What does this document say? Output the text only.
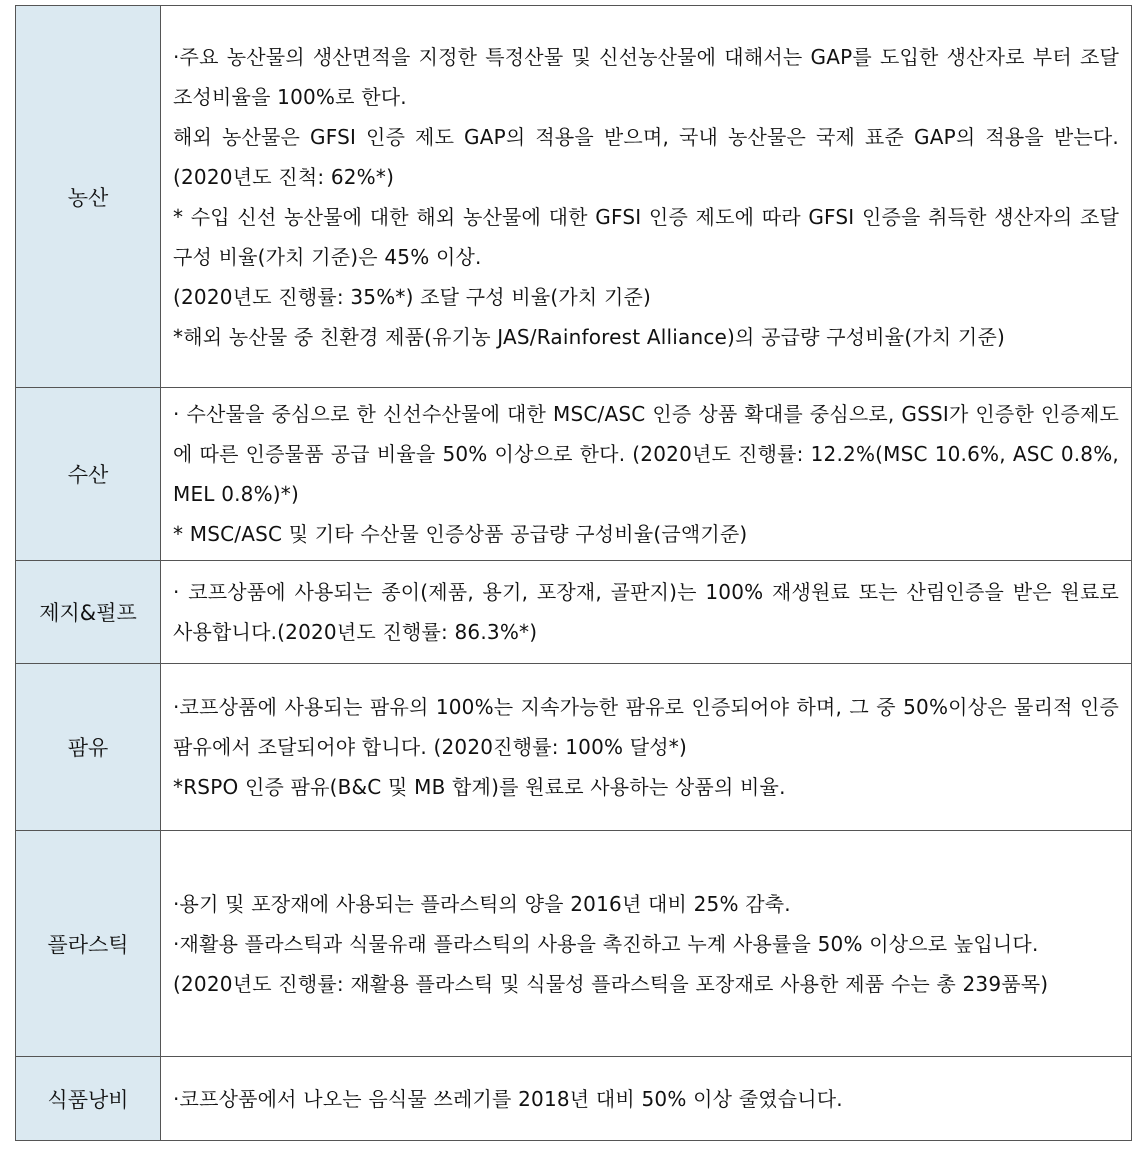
농산	·주요 농산물의 생산면적을 지정한 특정산물 및 신선농산물에 대해서는 GAP를 도입한 생산자로 부터 조달조성비율을 100%로 한다.
해외 농산물은 GFSI 인증 제도 GAP의 적용을 받으며, 국내 농산물은 국제 표준 GAP의 적용을 받는다. (2020년도 진척: 62%*)
* 수입 신선 농산물에 대한 해외 농산물에 대한 GFSI 인증 제도에 따라 GFSI 인증을 취득한 생산자의 조달 구성 비율(가치 기준)은 45% 이상.
(2020년도 진행률: 35%*) 조달 구성 비율(가치 기준)
*해외 농산물 중 친환경 제품(유기농 JAS/Rainforest Alliance)의 공급량 구성비율(가치 기준)

수산	· 수산물을 중심으로 한 신선수산물에 대한 MSC/ASC 인증 상품 확대를 중심으로, GSSI가 인증한 인증제도에 따른 인증물품 공급 비율을 50% 이상으로 한다. (2020년도 진행률: 12.2%(MSC 10.6%, ASC 0.8%, MEL 0.8%)*)
* MSC/ASC 및 기타 수산물 인증상품 공급량 구성비율(금액기준)

제지&펄프	· 코프상품에 사용되는 종이(제품, 용기, 포장재, 골판지)는 100% 재생원료 또는 산림인증을 받은 원료로 사용합니다.(2020년도 진행률: 86.3%*)

팜유	·코프상품에 사용되는 팜유의 100%는 지속가능한 팜유로 인증되어야 하며, 그 중 50%이상은 물리적 인증팜유에서 조달되어야 합니다. (2020진행률: 100% 달성*)
*RSPO 인증 팜유(B&C 및 MB 합계)를 원료로 사용하는 상품의 비율.

플라스틱	·용기 및 포장재에 사용되는 플라스틱의 양을 2016년 대비 25% 감축.
·재활용 플라스틱과 식물유래 플라스틱의 사용을 촉진하고 누계 사용률을 50% 이상으로 높입니다.
(2020년도 진행률: 재활용 플라스틱 및 식물성 플라스틱을 포장재로 사용한 제품 수는 총 239품목)

식품낭비	·코프상품에서 나오는 음식물 쓰레기를 2018년 대비 50% 이상 줄였습니다.
